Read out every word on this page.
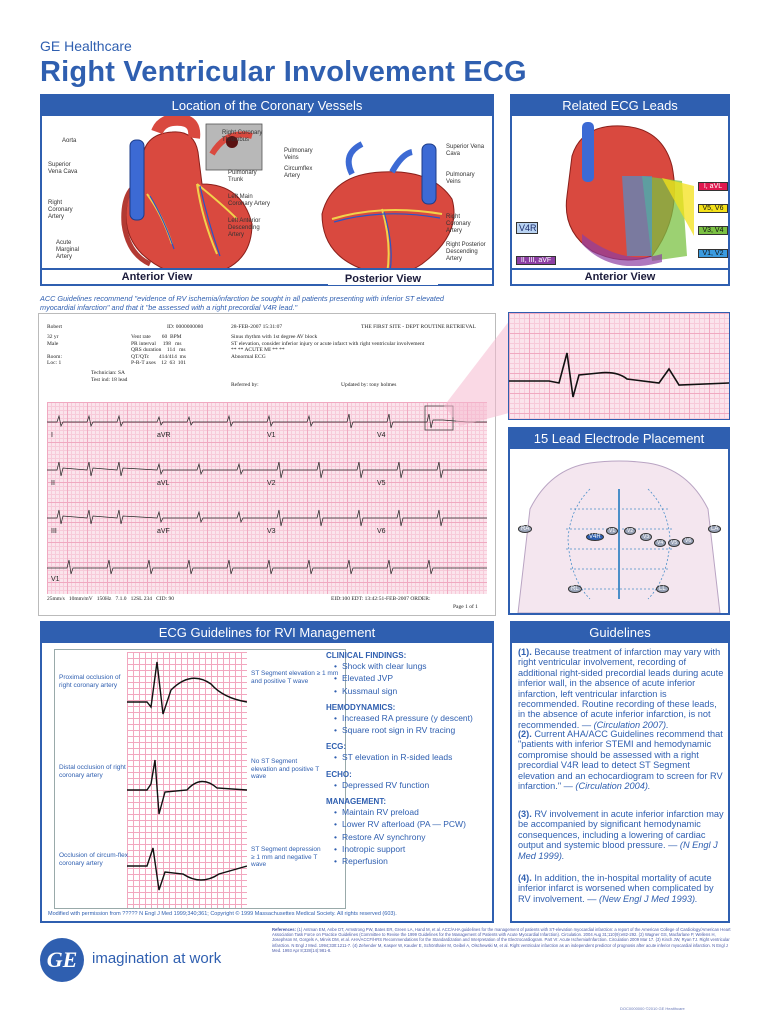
GE Healthcare
Right Ventricular Involvement ECG
Location of the Coronary Vessels
Aorta
Superior Vena Cava
Right Coronary Artery
Acute Marginal Artery
Right Coronary Thrombus
Pulmonary Trunk
Left Main Coronary Artery
Left Anterior Descending Artery
Pulmonary Veins
Circumflex Artery
Superior Vena Cava
Pulmonary Veins
Right Coronary Artery
Right Posterior Descending Artery
Anterior View	Posterior View
Related ECG Leads
I, aVL
V5, V6
V3, V4
V1, V2
II, III, aVF
V4R
Anterior View
ACC Guidelines recommend "evidence of RV ischemia/infarction be sought in all patients presenting with inferior ST elevated myocardial infarction" and that it "be assessed with a right precordial V4R lead."
Robert	ID: 0000000080	28-FEB-2007 15:31:07	THE FIRST SITE - DEPT ROUTINE RETRIEVAL
32 yr
Male

Room:
Loc: 1
Vent rate        60  BPM
PR interval     198   ms
QRS duration    114   ms
QT/QTc       414/414  ms
P-R-T axes    12  63  101
Sinus rhythm with 1st degree AV block
ST elevation, consider inferior injury or acute infarct with right ventricular involvement
** ** ACUTE MI ** **
Abnormal ECG
Technician: SA
Test ind: 18 lead
Referred by:	Updated by: tony holmes
I	aVR	V1	V4
II	aVL	V2	V5
III	aVF	V3	V6
V1
25mm/s   10mm/mV   150Hz   7.1.0   12SL 234   CID: 90	EID:100 EDT: 13:42:51-FEB-2007 ORDER:
Page 1 of 1
15 Lead Electrode Placement
RA	LA
RL	LL
V1	V2
V3
V4	V5	V6
V4R
ECG Guidelines for RVI Management
Proximal occlusion of right coronary artery
ST Segment elevation ≥ 1 mm and positive T wave
Distal occlusion of right coronary artery
No ST Segment elevation and positive T wave
Occlusion of circum-flex coronary artery
ST Segment depression ≥ 1 mm and negative T wave
CLINICAL FINDINGS:
• Shock with clear lungs
• Elevated JVP
• Kussmaul sign
HEMODYNAMICS:
• Increased RA pressure (y descent)
• Square root sign in RV tracing
ECG:
• ST elevation in R-sided leads
ECHO:
• Depressed RV function
MANAGEMENT:
• Maintain RV preload
• Lower RV afterload (PA — PCW)
• Restore AV synchrony
• Inotropic support
• Reperfusion
Modified with permission from ????? N Engl J Med 1999;340;361; Copyright © 1999 Massachusettes Medical Society. All rights reserved (603).
Guidelines
(1). Because treatment of infarction may vary with right ventricular involvement, recording of additional right-sided precordial leads during acute inferior wall, in the absence of acute inferior infarction, left ventricular infarction is recommended. Routine recording of these leads, in the absence of acute inferior infarction, is not recommended. — (Circulation 2007).
(2). Current AHA/ACC Guidelines recommend that "patients with inferior STEMI and hemodynamic compromise should be assessed with a right precordial V4R lead to detect ST Segment elevation and an echocardiogram to screen for RV infarction." — (Circulation 2004).
(3). RV involvement in acute inferior infarction may be accompanied by significant hemodynamic consequences, including a lowering of cardiac output and systemic blood pressure. — (N Engl J Med 1999).
(4). In addition, the in-hospital mortality of acute inferior infarct is worsened when complicated by RV involvement. — (New Engl J Med 1993).
GE imagination at work
References: (1) Antman EM, Anbe DT, Armstrong PW, Bates ER, Green LA, Hand M, et al. ACC/AHA guidelines for the management of patients with ST-elevation myocardial infarction: a report of the American College of Cardiology/American Heart Association Task Force on Practice Guidelines (Committee to Revise the 1999 Guidelines for the Management of Patients with Acute Myocardial Infarction). Circulation. 2004 Aug 31;110(9):e82-292. (2) Wagner GS, Macfarlane P, Wellens H, Josephson M, Gorgels A, Mirvis DM, et al. AHA/ACCF/HRS Recommendations for the Standardization and Interpretation of the Electrocardiogram. Part VI: Acute Ischemia/Infarction. Circulation 2009 Mar 17. (3) Kinch JW, Ryan TJ. Right ventricular infarction. N Engl J Med. 1994;330:1211-7. (4) Zehender M, Kasper W, Kauder E, Schönthaler M, Geibel A, Olschewski M, et al. Right ventricular infarction as an independent predictor of prognosis after acute inferior myocardial infarction. N Engl J Med. 1993 Apr 8;328(14):981-8.
DOC0000000 ©2010 GE Healthcare
